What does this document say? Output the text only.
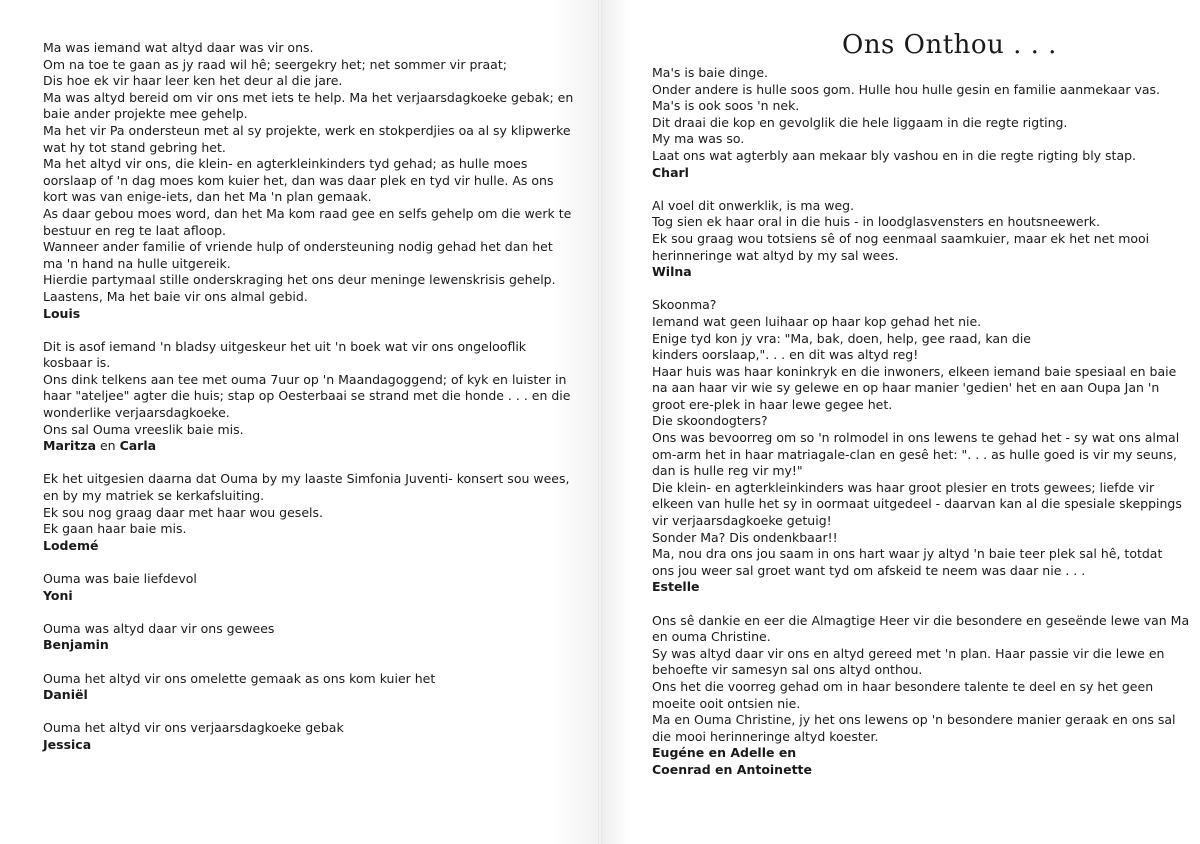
Ons Onthou . . .
Ma was iemand wat altyd daar was vir ons.
Om na toe te gaan as jy raad wil hê; seergekry het; net sommer vir praat;
Dis hoe ek vir haar leer ken het deur al die jare.
Ma was altyd bereid om vir ons met iets te help. Ma het verjaarsdagkoeke gebak; en
baie ander projekte mee gehelp.
Ma het vir Pa ondersteun met al sy projekte, werk en stokperdjies oa al sy klipwerke
wat hy tot stand gebring het.
Ma het altyd vir ons, die klein- en agterkleinkinders tyd gehad; as hulle moes
oorslaap of 'n dag moes kom kuier het, dan was daar plek en tyd vir hulle. As ons
kort was van enige-iets, dan het Ma 'n plan gemaak.
As daar gebou moes word, dan het Ma kom raad gee en selfs gehelp om die werk te
bestuur en reg te laat afloop.
Wanneer ander familie of vriende hulp of ondersteuning nodig gehad het dan het
ma 'n hand na hulle uitgereik.
Hierdie partymaal stille onderskraging het ons deur meninge lewenskrisis gehelp.
Laastens, Ma het baie vir ons almal gebid.
Louis
Dit is asof iemand 'n bladsy uitgeskeur het uit 'n boek wat vir ons ongelooflik
kosbaar is.
Ons dink telkens aan tee met ouma 7uur op 'n Maandagoggend; of kyk en luister in
haar "ateljee" agter die huis; stap op Oesterbaai se strand met die honde . . . en die
wonderlike verjaarsdagkoeke.
Ons sal Ouma vreeslik baie mis.
Maritza en Carla
Ek het uitgesien daarna dat Ouma by my laaste Simfonia Juventi- konsert sou wees,
en by my matriek se kerkafsluiting.
Ek sou nog graag daar met haar wou gesels.
Ek gaan haar baie mis.
Lodemé
Ouma was baie liefdevol
Yoni
Ouma was altyd daar vir ons gewees
Benjamin
Ouma het altyd vir ons omelette gemaak as ons kom kuier het
Daniël
Ouma het altyd vir ons verjaarsdagkoeke gebak
Jessica
Ma's is baie dinge.
Onder andere is hulle soos gom. Hulle hou hulle gesin en familie aanmekaar vas.
Ma's is ook soos 'n nek.
Dit draai die kop en gevolglik die hele liggaam in die regte rigting.
My ma was so.
Laat ons wat agterbly aan mekaar bly vashou en in die regte rigting bly stap.
Charl
Al voel dit onwerklik, is ma weg.
Tog sien ek haar oral in die huis - in loodglasvensters en houtsneewerk.
Ek sou graag wou totsiens sê of nog eenmaal saamkuier, maar ek het net mooi
herinneringe wat altyd by my sal wees.
Wilna
Skoonma?
Iemand wat geen luihaar op haar kop gehad het nie.
Enige tyd kon jy vra: "Ma, bak, doen, help, gee raad, kan die
kinders oorslaap,". . . en dit was altyd reg!
Haar huis was haar koninkryk en die inwoners, elkeen iemand baie spesiaal en baie
na aan haar vir wie sy gelewe en op haar manier 'gedien' het en aan Oupa Jan 'n
groot ere-plek in haar lewe gegee het.
Die skoondogters?
Ons was bevoorreg om so 'n rolmodel in ons lewens te gehad het - sy wat ons almal
om-arm het in haar matriagale-clan en gesê het: ". . . as hulle goed is vir my seuns,
dan is hulle reg vir my!"
Die klein- en agterkleinkinders was haar groot plesier en trots gewees; liefde vir
elkeen van hulle het sy in oormaat uitgedeel - daarvan kan al die spesiale skeppings
vir verjaarsdagkoeke getuig!
Sonder Ma? Dis ondenkbaar!!
Ma, nou dra ons jou saam in ons hart waar jy altyd 'n baie teer plek sal hê, totdat
ons jou weer sal groet want tyd om afskeid te neem was daar nie . . .
Estelle
Ons sê dankie en eer die Almagtige Heer vir die besondere en geseënde lewe van Ma
en ouma Christine.
Sy was altyd daar vir ons en altyd gereed met 'n plan. Haar passie vir die lewe en
behoefte vir samesyn sal ons altyd onthou.
Ons het die voorreg gehad om in haar besondere talente te deel en sy het geen
moeite ooit ontsien nie.
Ma en Ouma Christine, jy het ons lewens op 'n besondere manier geraak en ons sal
die mooi herinneringe altyd koester.
Eugéne en Adelle en
Coenrad en Antoinette
